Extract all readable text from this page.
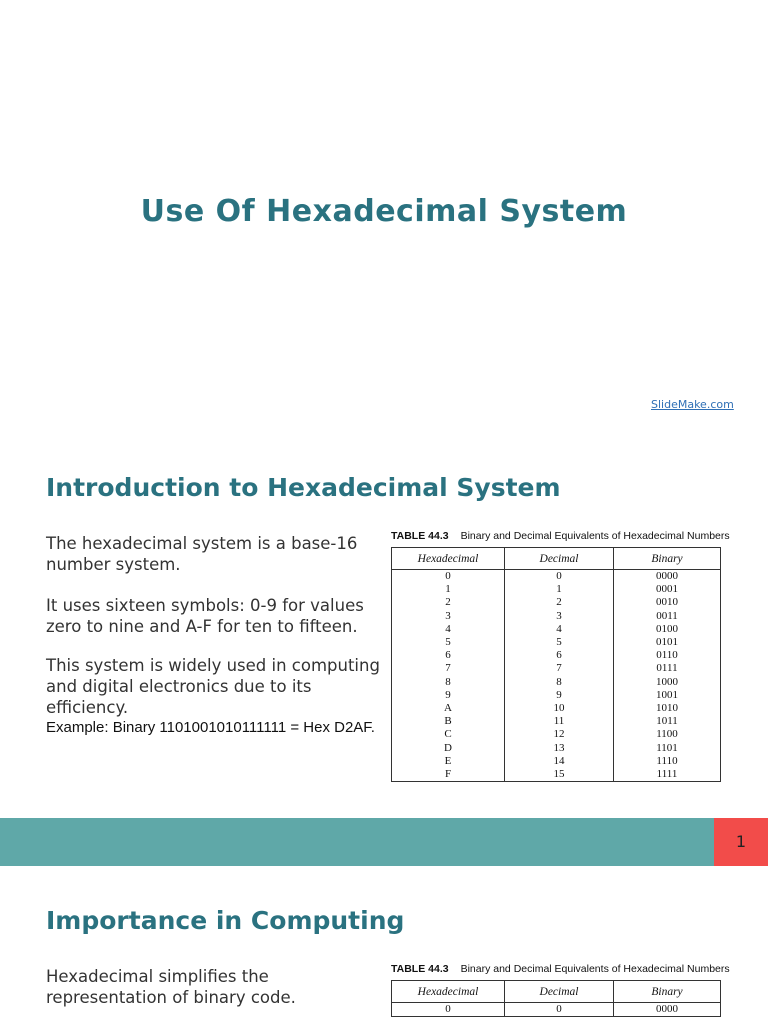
Use Of Hexadecimal System
SlideMake.com
Introduction to Hexadecimal System
The hexadecimal system is a base-16 number system.
It uses sixteen symbols: 0-9 for values zero to nine and A-F for ten to fifteen.
This system is widely used in computing and digital electronics due to its efficiency.
Example: Binary 1101001010111111 = Hex D2AF.
TABLE 44.3 Binary and Decimal Equivalents of Hexadecimal Numbers
Hexadecimal	Decimal	Binary
0	0	0000
1	1	0001
2	2	0010
3	3	0011
4	4	0100
5	5	0101
6	6	0110
7	7	0111
8	8	1000
9	9	1001
A	10	1010
B	11	1011
C	12	1100
D	13	1101
E	14	1110
F	15	1111
1
Importance in Computing
Hexadecimal simplifies the representation of binary code.
TABLE 44.3 Binary and Decimal Equivalents of Hexadecimal Numbers
Hexadecimal	Decimal	Binary
0	0	0000
